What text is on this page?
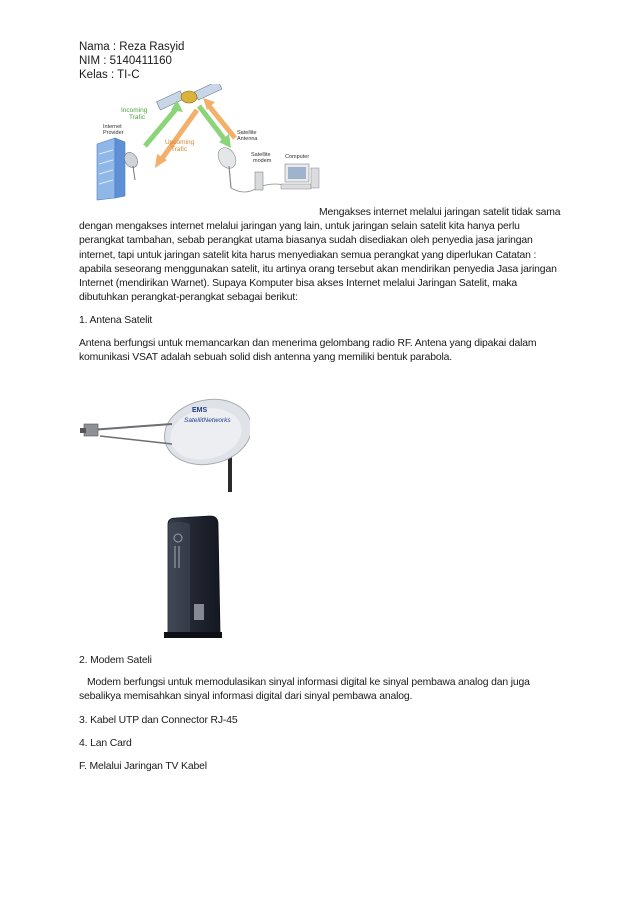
Nama : Reza Rasyid
NIM : 5140411160
Kelas : TI-C
Incoming Trafic
Upcoming Trafic
Internet Provider	Satellite Antenna
Satellite modem
Computer
Mengakses internet melalui jaringan satelit tidak sama
dengan mengakses internet melalui jaringan yang lain, untuk jaringan selain satelit kita hanya perlu perangkat tambahan, sebab perangkat utama biasanya sudah disediakan oleh penyedia jasa jaringan internet, tapi untuk jaringan satelit kita harus menyediakan semua perangkat yang diperlukan Catatan : apabila seseorang menggunakan satelit, itu artinya orang tersebut akan mendirikan penyedia Jasa jaringan Internet (mendirikan Warnet). Supaya Komputer bisa akses Internet melalui Jaringan Satelit, maka dibutuhkan perangkat-perangkat sebagai berikut:
1. Antena Satelit
Antena berfungsi untuk memancarkan dan menerima gelombang radio RF. Antena yang dipakai dalam komunikasi VSAT adalah sebuah solid dish antenna yang memiliki bentuk parabola.
EMS
SatellitNetworks
2. Modem Sateli
Modem berfungsi untuk memodulasikan sinyal informasi digital ke sinyal pembawa analog dan juga sebalikya memisahkan sinyal informasi digital dari sinyal pembawa analog.
3. Kabel UTP dan Connector RJ-45
4. Lan Card
F. Melalui Jaringan TV Kabel
